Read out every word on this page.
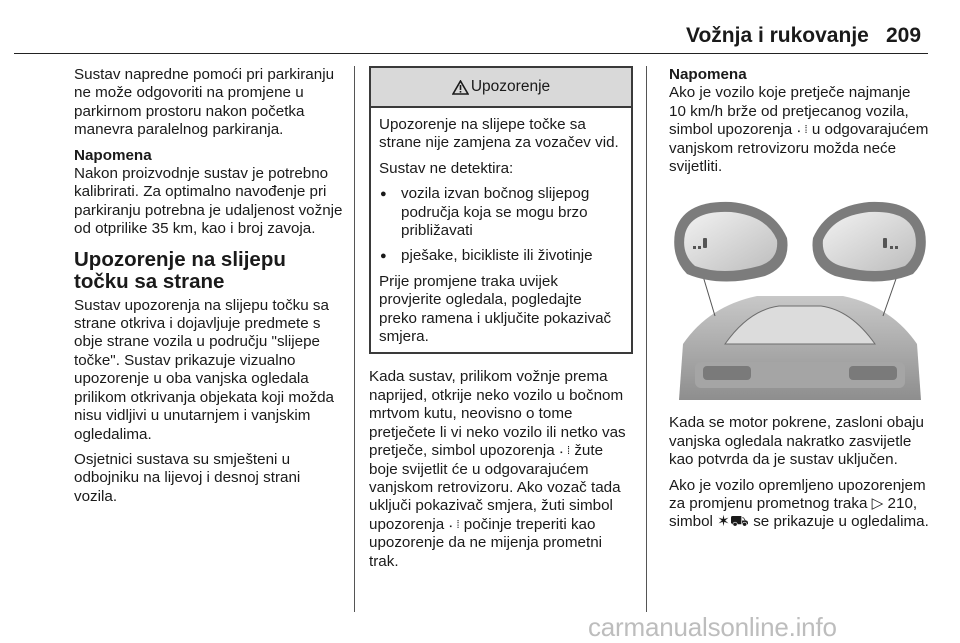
Vožnja i rukovanje 209

Sustav napredne pomoći pri parkiranju ne može odgovoriti na promjene u parkirnom prostoru nakon početka manevra paralelnog parkiranja.

Napomena
Nakon proizvodnje sustav je potrebno kalibrirati. Za optimalno navođenje pri parkiranju potrebna je udaljenost vožnje od otprilike 35 km, kao i broj zavoja.

Upozorenje na slijepu točku sa strane

Sustav upozorenja na slijepu točku sa strane otkriva i dojavljuje predmete s obje strane vozila u području "slijepe točke". Sustav prikazuje vizualno upozorenje u oba vanjska ogledala prilikom otkrivanja objekata koji možda nisu vidljivi u unutarnjem i vanjskim ogledalima.

Osjetnici sustava su smješteni u odbojniku na lijevoj i desnoj strani vozila.

Upozorenje

Upozorenje na slijepe točke sa strane nije zamjena za vozačev vid.

Sustav ne detektira:

● vozila izvan bočnog slijepog područja koja se mogu brzo približavati
● pješake, bicikliste ili životinje

Prije promjene traka uvijek provjerite ogledala, pogledajte preko ramena i uključite pokazivač smjera.

Kada sustav, prilikom vožnje prema naprijed, otkrije neko vozilo u bočnom mrtvom kutu, neovisno o tome pretječete li vi neko vozilo ili netko vas pretječe, simbol upozorenja ⠄⁞ žute boje svijetlit će u odgovarajućem vanjskom retrovizoru. Ako vozač tada uključi pokazivač smjera, žuti simbol upozorenja ⠄⁞ počinje treperiti kao upozorenje da ne mijenja prometni trak.

Napomena
Ako je vozilo koje pretječe najmanje 10 km/h brže od pretjecanog vozila, simbol upozorenja ⠄⁞ u odgovarajućem vanjskom retrovizoru možda neće svijetliti.

Kada se motor pokrene, zasloni obaju vanjska ogledala nakratko zasvijetle kao potvrda da je sustav uključen.

Ako je vozilo opremljeno upozorenjem za promjenu prometnog traka ▷ 210, simbol ✶⛟ se prikazuje u ogledalima.

carmanualsonline.info
